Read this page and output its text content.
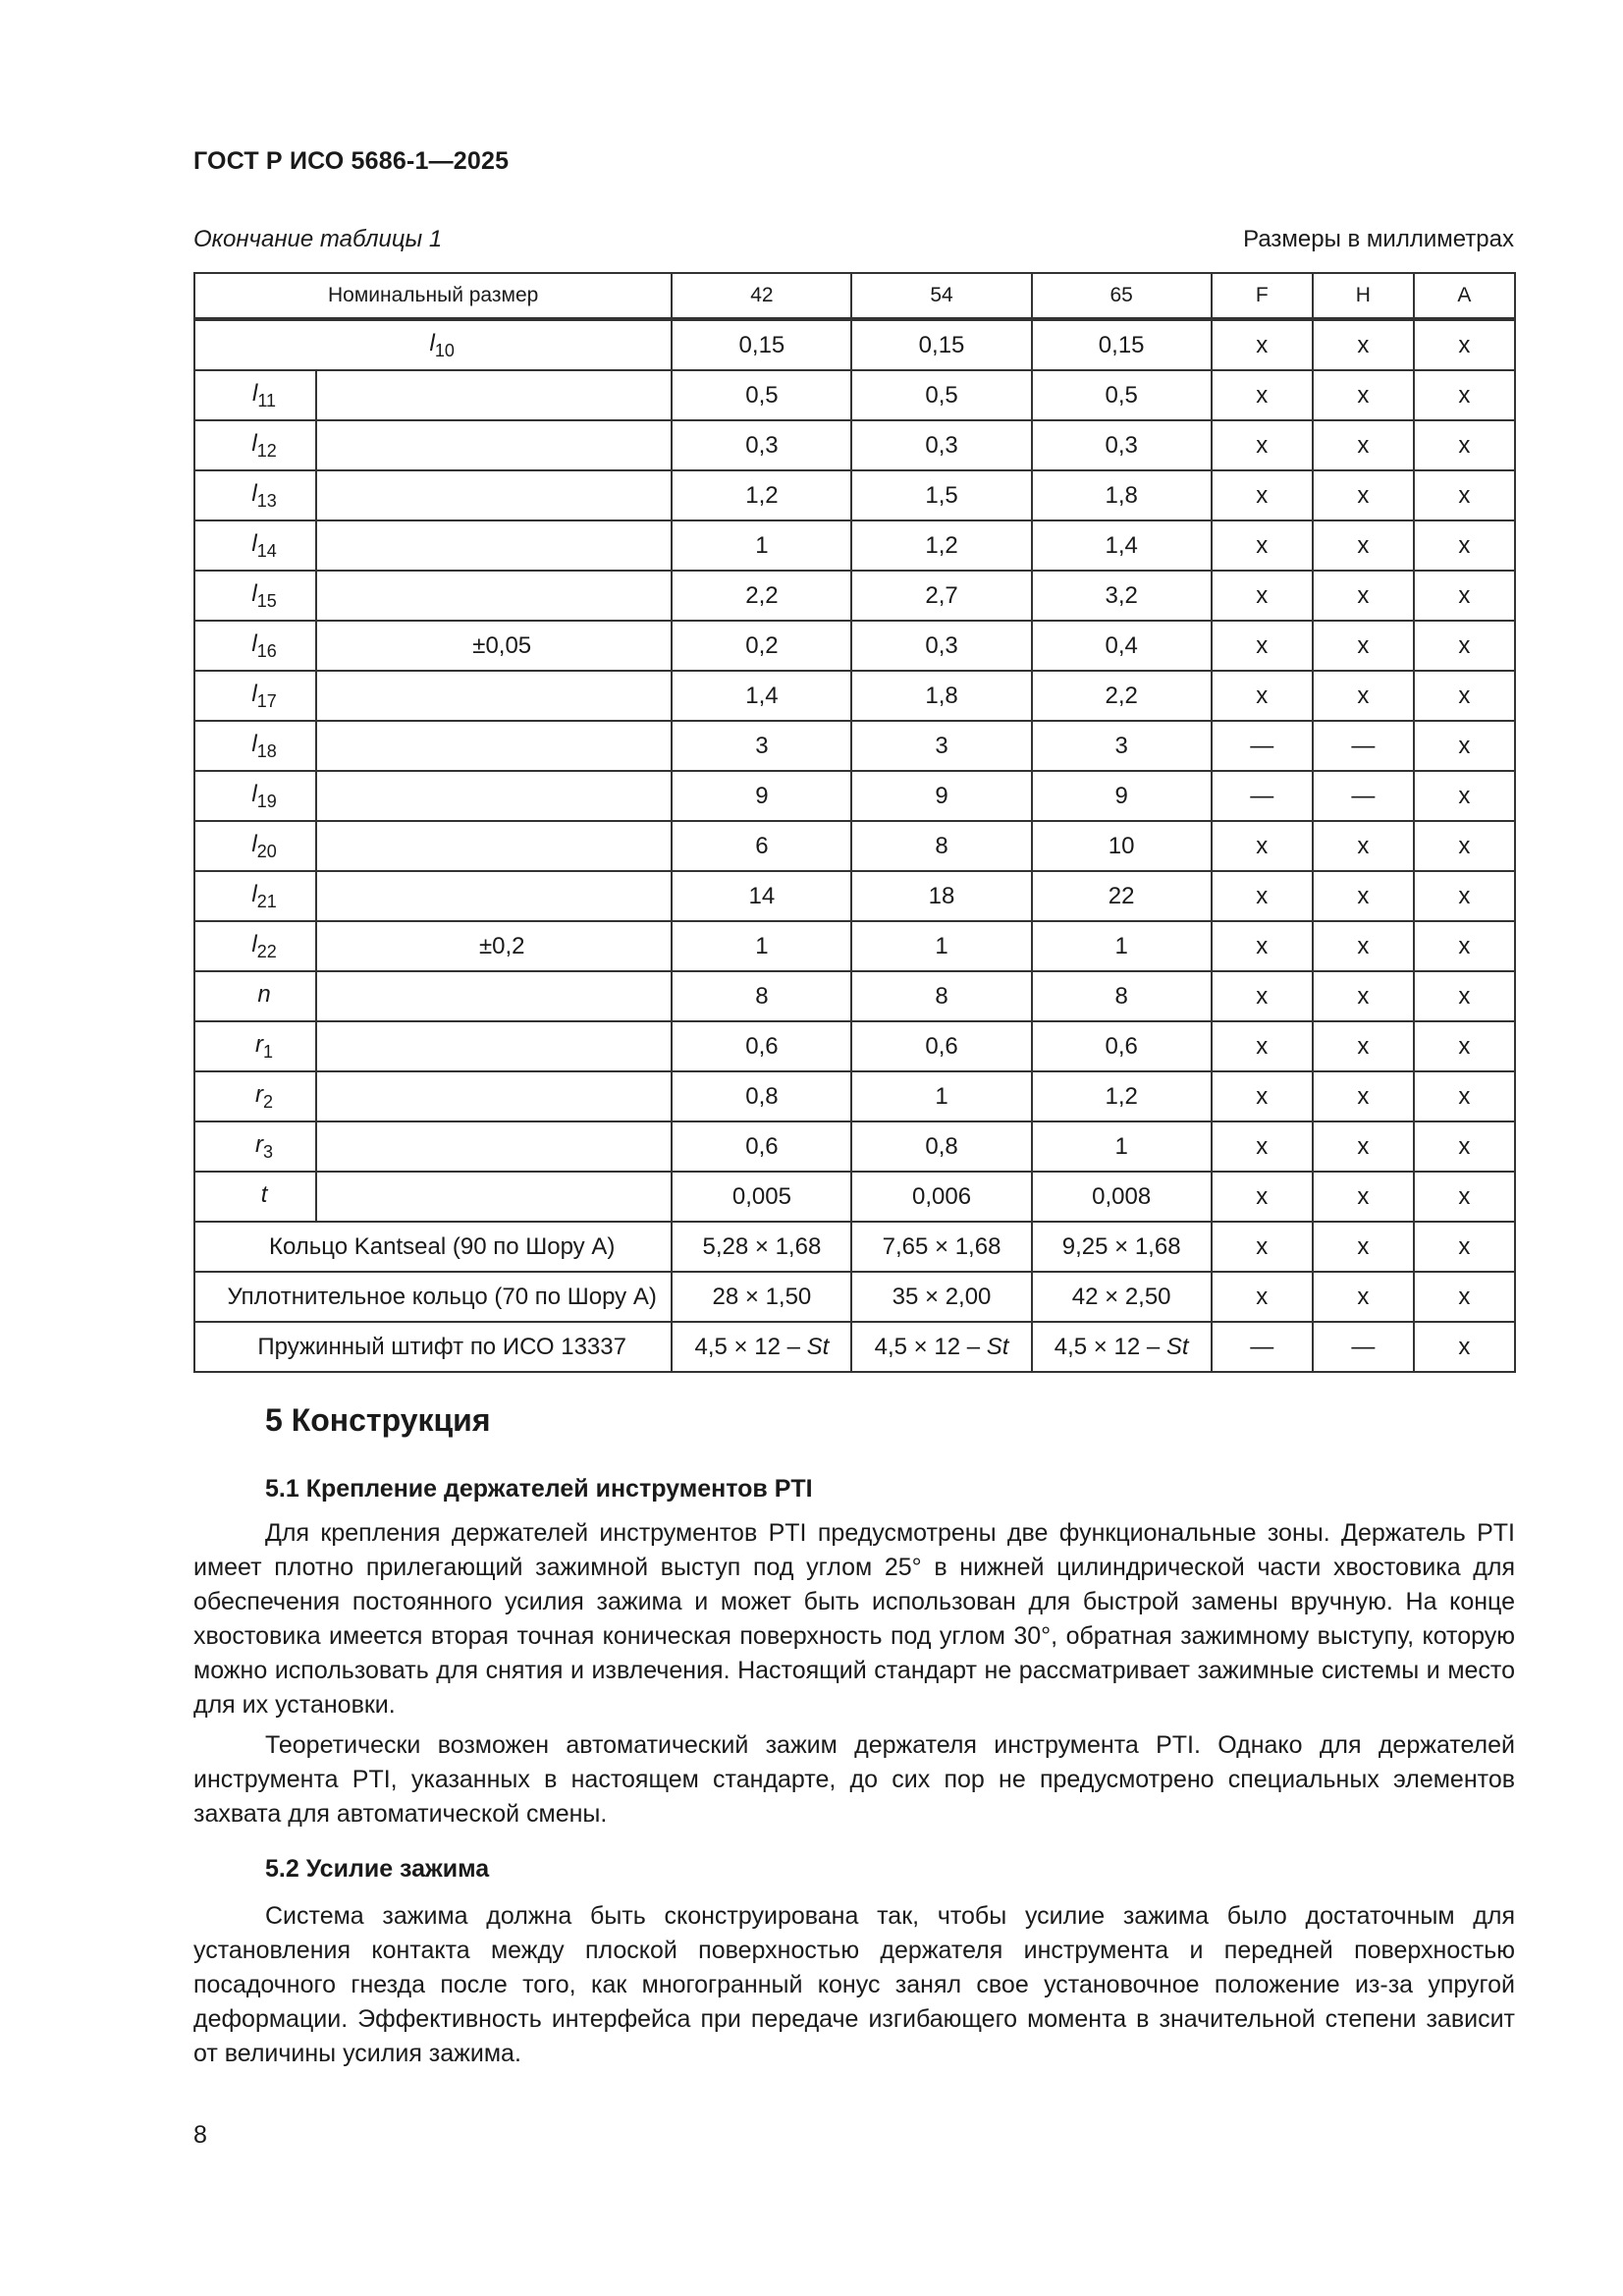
ГОСТ Р ИСО 5686-1—2025
Окончание таблицы 1	Размеры в миллиметрах
Номинальный размер		42	54	65	F	H	A
$l_{10}$		0,15	0,15	0,15	x	x	x
$l_{11}$		0,5	0,5	0,5	x	x	x
$l_{12}$		0,3	0,3	0,3	x	x	x
$l_{13}$		1,2	1,5	1,8	x	x	x
$l_{14}$		1	1,2	1,4	x	x	x
$l_{15}$		2,2	2,7	3,2	x	x	x
$l_{16}$	±0,05	0,2	0,3	0,4	x	x	x
$l_{17}$		1,4	1,8	2,2	x	x	x
$l_{18}$		3	3	3	—	—	x
$l_{19}$		9	9	9	—	—	x
$l_{20}$		6	8	10	x	x	x
$l_{21}$		14	18	22	x	x	x
$l_{22}$	±0,2	1	1	1	x	x	x
n		8	8	8	x	x	x
$r_1$		0,6	0,6	0,6	x	x	x
$r_2$		0,8	1	1,2	x	x	x
$r_3$		0,6	0,8	1	x	x	x
t		0,005	0,006	0,008	x	x	x
Кольцо Kantseal (90 по Шору А)		5,28 × 1,68	7,65 × 1,68	9,25 × 1,68	x	x	x
Уплотнительное кольцо (70 по Шору А)		28 × 1,50	35 × 2,00	42 × 2,50	x	x	x
Пружинный штифт по ИСО 13337		4,5 × 12 – St	4,5 × 12 – St	4,5 × 12 – St	—	—	x
5 Конструкция
5.1 Крепление держателей инструментов PTI

Для крепления держателей инструментов PTI предусмотрены две функциональные зоны. Держатель PTI имеет плотно прилегающий зажимной выступ под углом 25° в нижней цилиндрической части хвостовика для обеспечения постоянного усилия зажима и может быть использован для быстрой замены вручную. На конце хвостовика имеется вторая точная коническая поверхность под углом 30°, обратная зажимному выступу, которую можно использовать для снятия и извлечения. Настоящий стандарт не рассматривает зажимные системы и место для их установки.

Теоретически возможен автоматический зажим держателя инструмента PTI. Однако для держателей инструмента PTI, указанных в настоящем стандарте, до сих пор не предусмотрено специальных элементов захвата для автоматической смены.

5.2 Усилие зажима

Система зажима должна быть сконструирована так, чтобы усилие зажима было достаточным для установления контакта между плоской поверхностью держателя инструмента и передней поверхностью посадочного гнезда после того, как многогранный конус занял свое установочное положение из-за упругой деформации. Эффективность интерфейса при передаче изгибающего момента в значительной степени зависит от величины усилия зажима.

8
